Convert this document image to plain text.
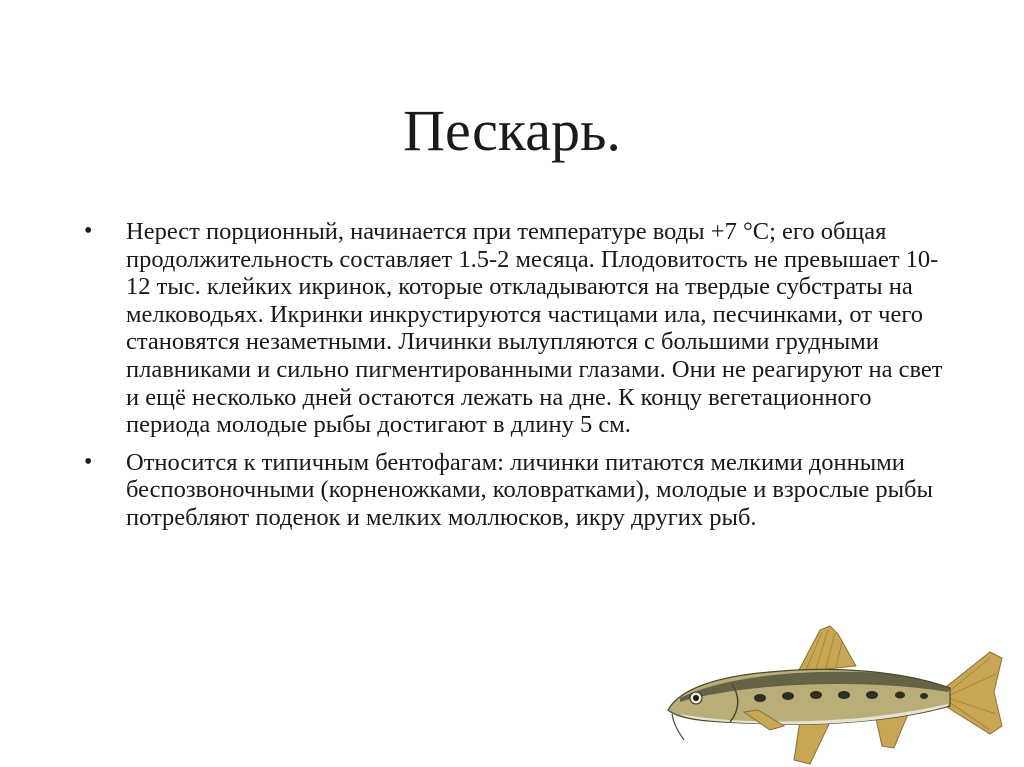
Пескарь.
• Нерест порционный, начинается при температуре воды +7 °С; его общая продолжительность составляет 1.5-2 месяца. Плодовитость не превышает 10-12 тыс. клейких икринок, которые откладываются на твердые субстраты на мелководьях. Икринки инкрустируются частицами ила, песчинками, от чего становятся незаметными. Личинки вылупляются с большими грудными плавниками и сильно пигментированными глазами. Они не реагируют на свет и ещё несколько дней остаются лежать на дне. К концу вегетационного периода молодые рыбы достигают в длину 5 см.
• Относится к типичным бентофагам: личинки питаются мелкими донными беспозвоночными (корненожками, коловратками), молодые и взрослые рыбы потребляют поденок и мелких моллюсков, икру других рыб.
